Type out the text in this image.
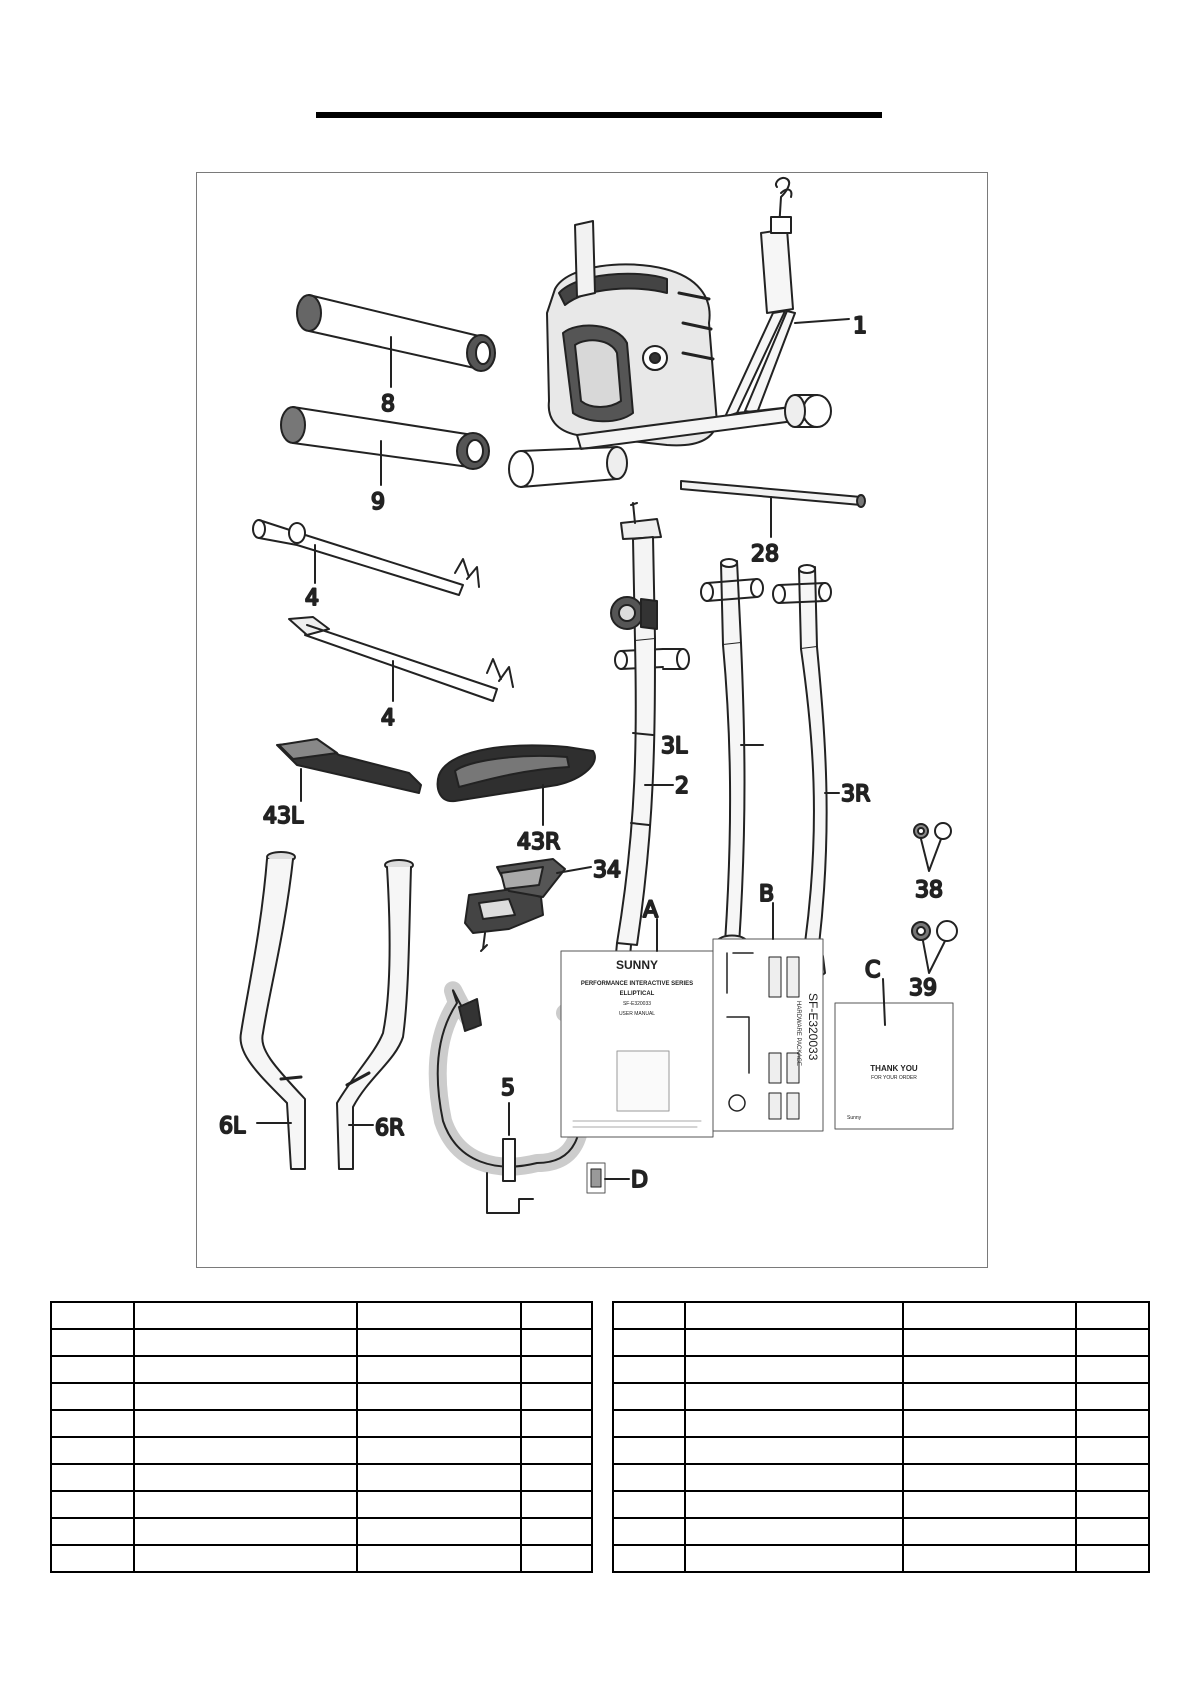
1
8
9
28
4
4
43L
43R
2
3L
3R
38
39
34
6L	6R
5
A
B
C
D
SUNNY
PERFORMANCE INTERACTIVE SERIES
ELLIPTICAL
SF-E320033
USER MANUAL	SF-E320033
HARDWARE PACKAGE
THANK YOU
FOR YOUR ORDER
Sunny
